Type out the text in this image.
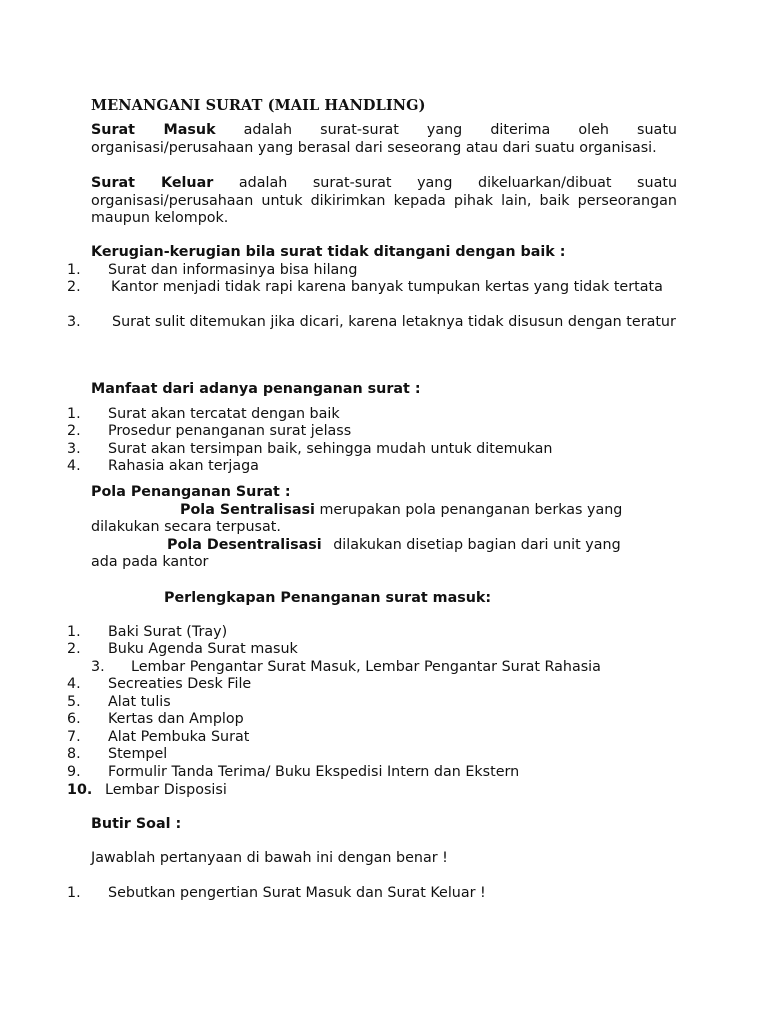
MENANGANI SURAT (MAIL HANDLING)
Surat Masuk adalah surat-surat yang diterima oleh suatu organisasi/perusahaan yang berasal dari seseorang atau dari suatu organisasi.
Surat Keluar adalah surat-surat yang dikeluarkan/dibuat suatu organisasi/perusahaan untuk dikirimkan kepada pihak lain, baik perseorangan maupun kelompok.
Kerugian-kerugian bila surat tidak ditangani dengan baik :
1. Surat dan informasinya bisa hilang
2.	Kantor menjadi tidak rapi karena banyak tumpukan kertas yang tidak tertata
3.	Surat sulit ditemukan jika dicari, karena letaknya tidak disusun dengan teratur
Manfaat dari adanya penanganan surat :
1. Surat akan tercatat dengan baik
2. Prosedur penanganan surat jelass
3. Surat akan tersimpan baik, sehingga mudah untuk ditemukan
4. Rahasia akan terjaga
Pola Penanganan Surat :
Pola Sentralisasi merupakan pola penanganan berkas yang
dilakukan secara terpusat.
Pola Desentralisasi dilakukan disetiap bagian dari unit yang
ada pada kantor
Perlengkapan Penanganan surat masuk:
1. Baki Surat (Tray)
2. Buku Agenda Surat masuk
3. Lembar Pengantar Surat Masuk, Lembar Pengantar Surat Rahasia
4. Secreaties Desk File
5. Alat tulis
6. Kertas dan Amplop
7. Alat Pembuka Surat
8. Stempel
9. Formulir Tanda Terima/ Buku Ekspedisi Intern dan Ekstern
10. Lembar Disposisi
Butir Soal :
Jawablah pertanyaan di bawah ini dengan benar !
1. Sebutkan pengertian Surat Masuk dan Surat Keluar !
